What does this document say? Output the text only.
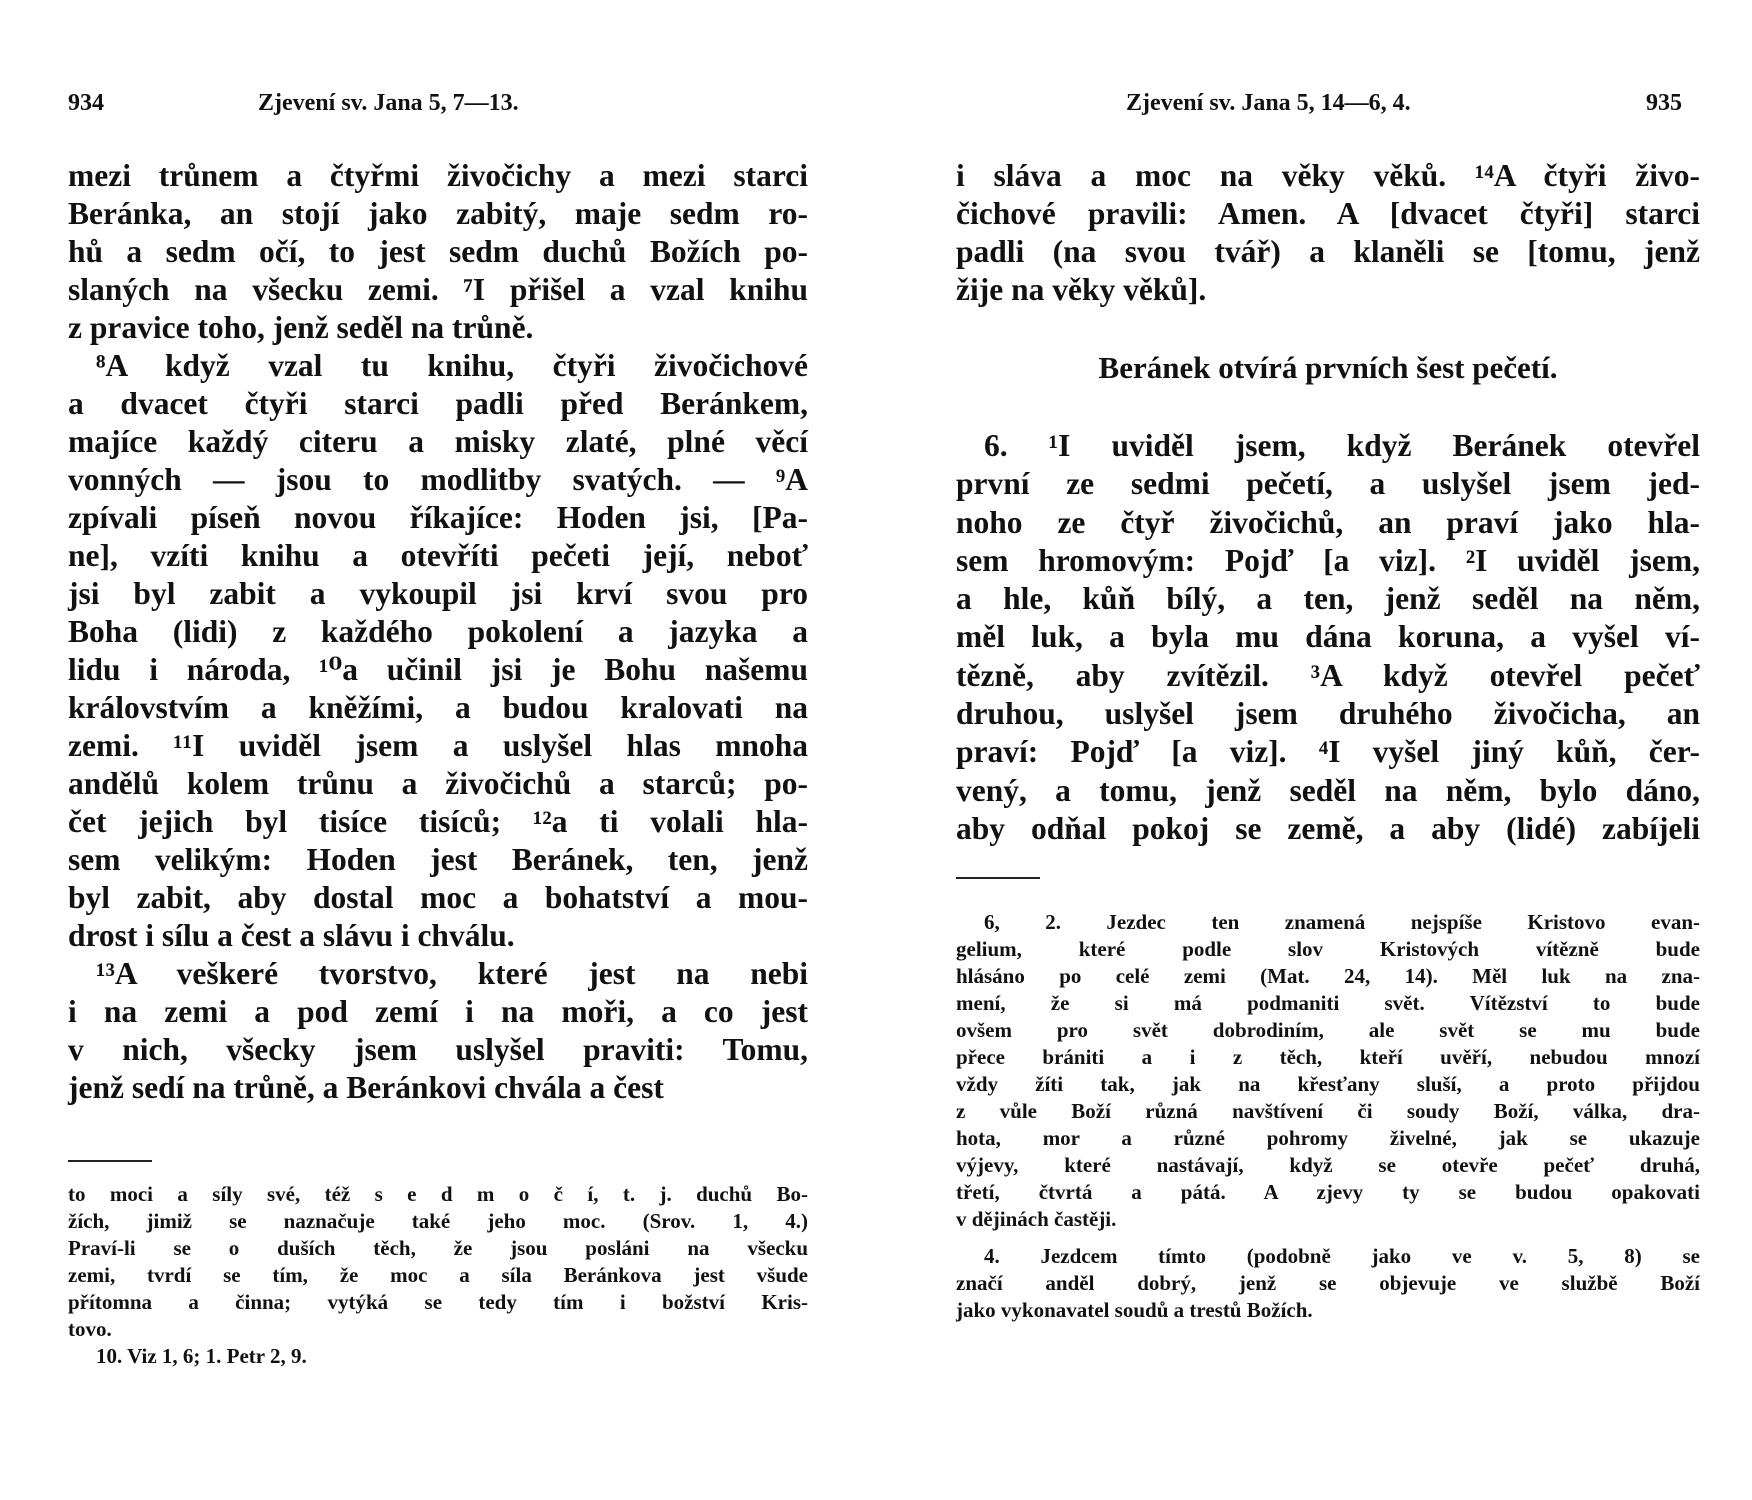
934	Zjevení sv. Jana 5, 7—13.
mezi trůnem a čtyřmi živočichy a mezi starci
Beránka, an stojí jako zabitý, maje sedm ro-
hů a sedm očí, to jest sedm duchů Božích po-
slaných na všecku zemi. ⁷I přišel a vzal knihu
z pravice toho, jenž seděl na trůně.
⁸A když vzal tu knihu, čtyři živočichové
a dvacet čtyři starci padli před Beránkem,
majíce každý citeru a misky zlaté, plné věcí
vonných — jsou to modlitby svatých. — ⁹A
zpívali píseň novou říkajíce: Hoden jsi, [Pa-
ne], vzíti knihu a otevříti pečeti její, neboť
jsi byl zabit a vykoupil jsi krví svou pro
Boha (lidi) z každého pokolení a jazyka a
lidu i národa, ¹⁰a učinil jsi je Bohu našemu
královstvím a kněžími, a budou kralovati na
zemi. ¹¹I uviděl jsem a uslyšel hlas mnoha
andělů kolem trůnu a živočichů a starců; po-
čet jejich byl tisíce tisíců; ¹²a ti volali hla-
sem velikým: Hoden jest Beránek, ten, jenž
byl zabit, aby dostal moc a bohatství a mou-
drost i sílu a čest a slávu i chválu.
¹³A veškeré tvorstvo, které jest na nebi
i na zemi a pod zemí i na moři, a co jest
v nich, všecky jsem uslyšel praviti: Tomu,
jenž sedí na trůně, a Beránkovi chvála a čest
to moci a síly své, též s e d m o č í, t. j. duchů Bo-
žích, jimiž se naznačuje také jeho moc. (Srov. 1, 4.)
Praví-li se o duších těch, že jsou posláni na všecku
zemi, tvrdí se tím, že moc a síla Beránkova jest všude
přítomna a činna; vytýká se tedy tím i božství Kris-
tovo.
10. Viz 1, 6; 1. Petr 2, 9.
Zjevení sv. Jana 5, 14—6, 4.	935
i sláva a moc na věky věků. ¹⁴A čtyři živo-
čichové pravili: Amen. A [dvacet čtyři] starci
padli (na svou tvář) a klaněli se [tomu, jenž
žije na věky věků].
Beránek otvírá prvních šest pečetí.
6. ¹I uviděl jsem, když Beránek otevřel
první ze sedmi pečetí, a uslyšel jsem jed-
noho ze čtyř živočichů, an praví jako hla-
sem hromovým: Pojď [a viz]. ²I uviděl jsem,
a hle, kůň bílý, a ten, jenž seděl na něm,
měl luk, a byla mu dána koruna, a vyšel ví-
tězně, aby zvítězil. ³A když otevřel pečeť
druhou, uslyšel jsem druhého živočicha, an
praví: Pojď [a viz]. ⁴I vyšel jiný kůň, čer-
vený, a tomu, jenž seděl na něm, bylo dáno,
aby odňal pokoj se země, a aby (lidé) zabíjeli
6, 2. Jezdec ten znamená nejspíše Kristovo evan-
gelium, které podle slov Kristových vítězně bude
hlásáno po celé zemi (Mat. 24, 14). Měl luk na zna-
mení, že si má podmaniti svět. Vítězství to bude
ovšem pro svět dobrodiním, ale svět se mu bude
přece brániti a i z těch, kteří uvěří, nebudou mnozí
vždy žíti tak, jak na křesťany sluší, a proto přijdou
z vůle Boží různá navštívení či soudy Boží, válka, dra-
hota, mor a různé pohromy živelné, jak se ukazuje
výjevy, které nastávají, když se otevře pečeť druhá,
třetí, čtvrtá a pátá. A zjevy ty se budou opakovati
v dějinách častěji.
4. Jezdcem tímto (podobně jako ve v. 5, 8) se
značí anděl dobrý, jenž se objevuje ve službě Boží
jako vykonavatel soudů a trestů Božích.
